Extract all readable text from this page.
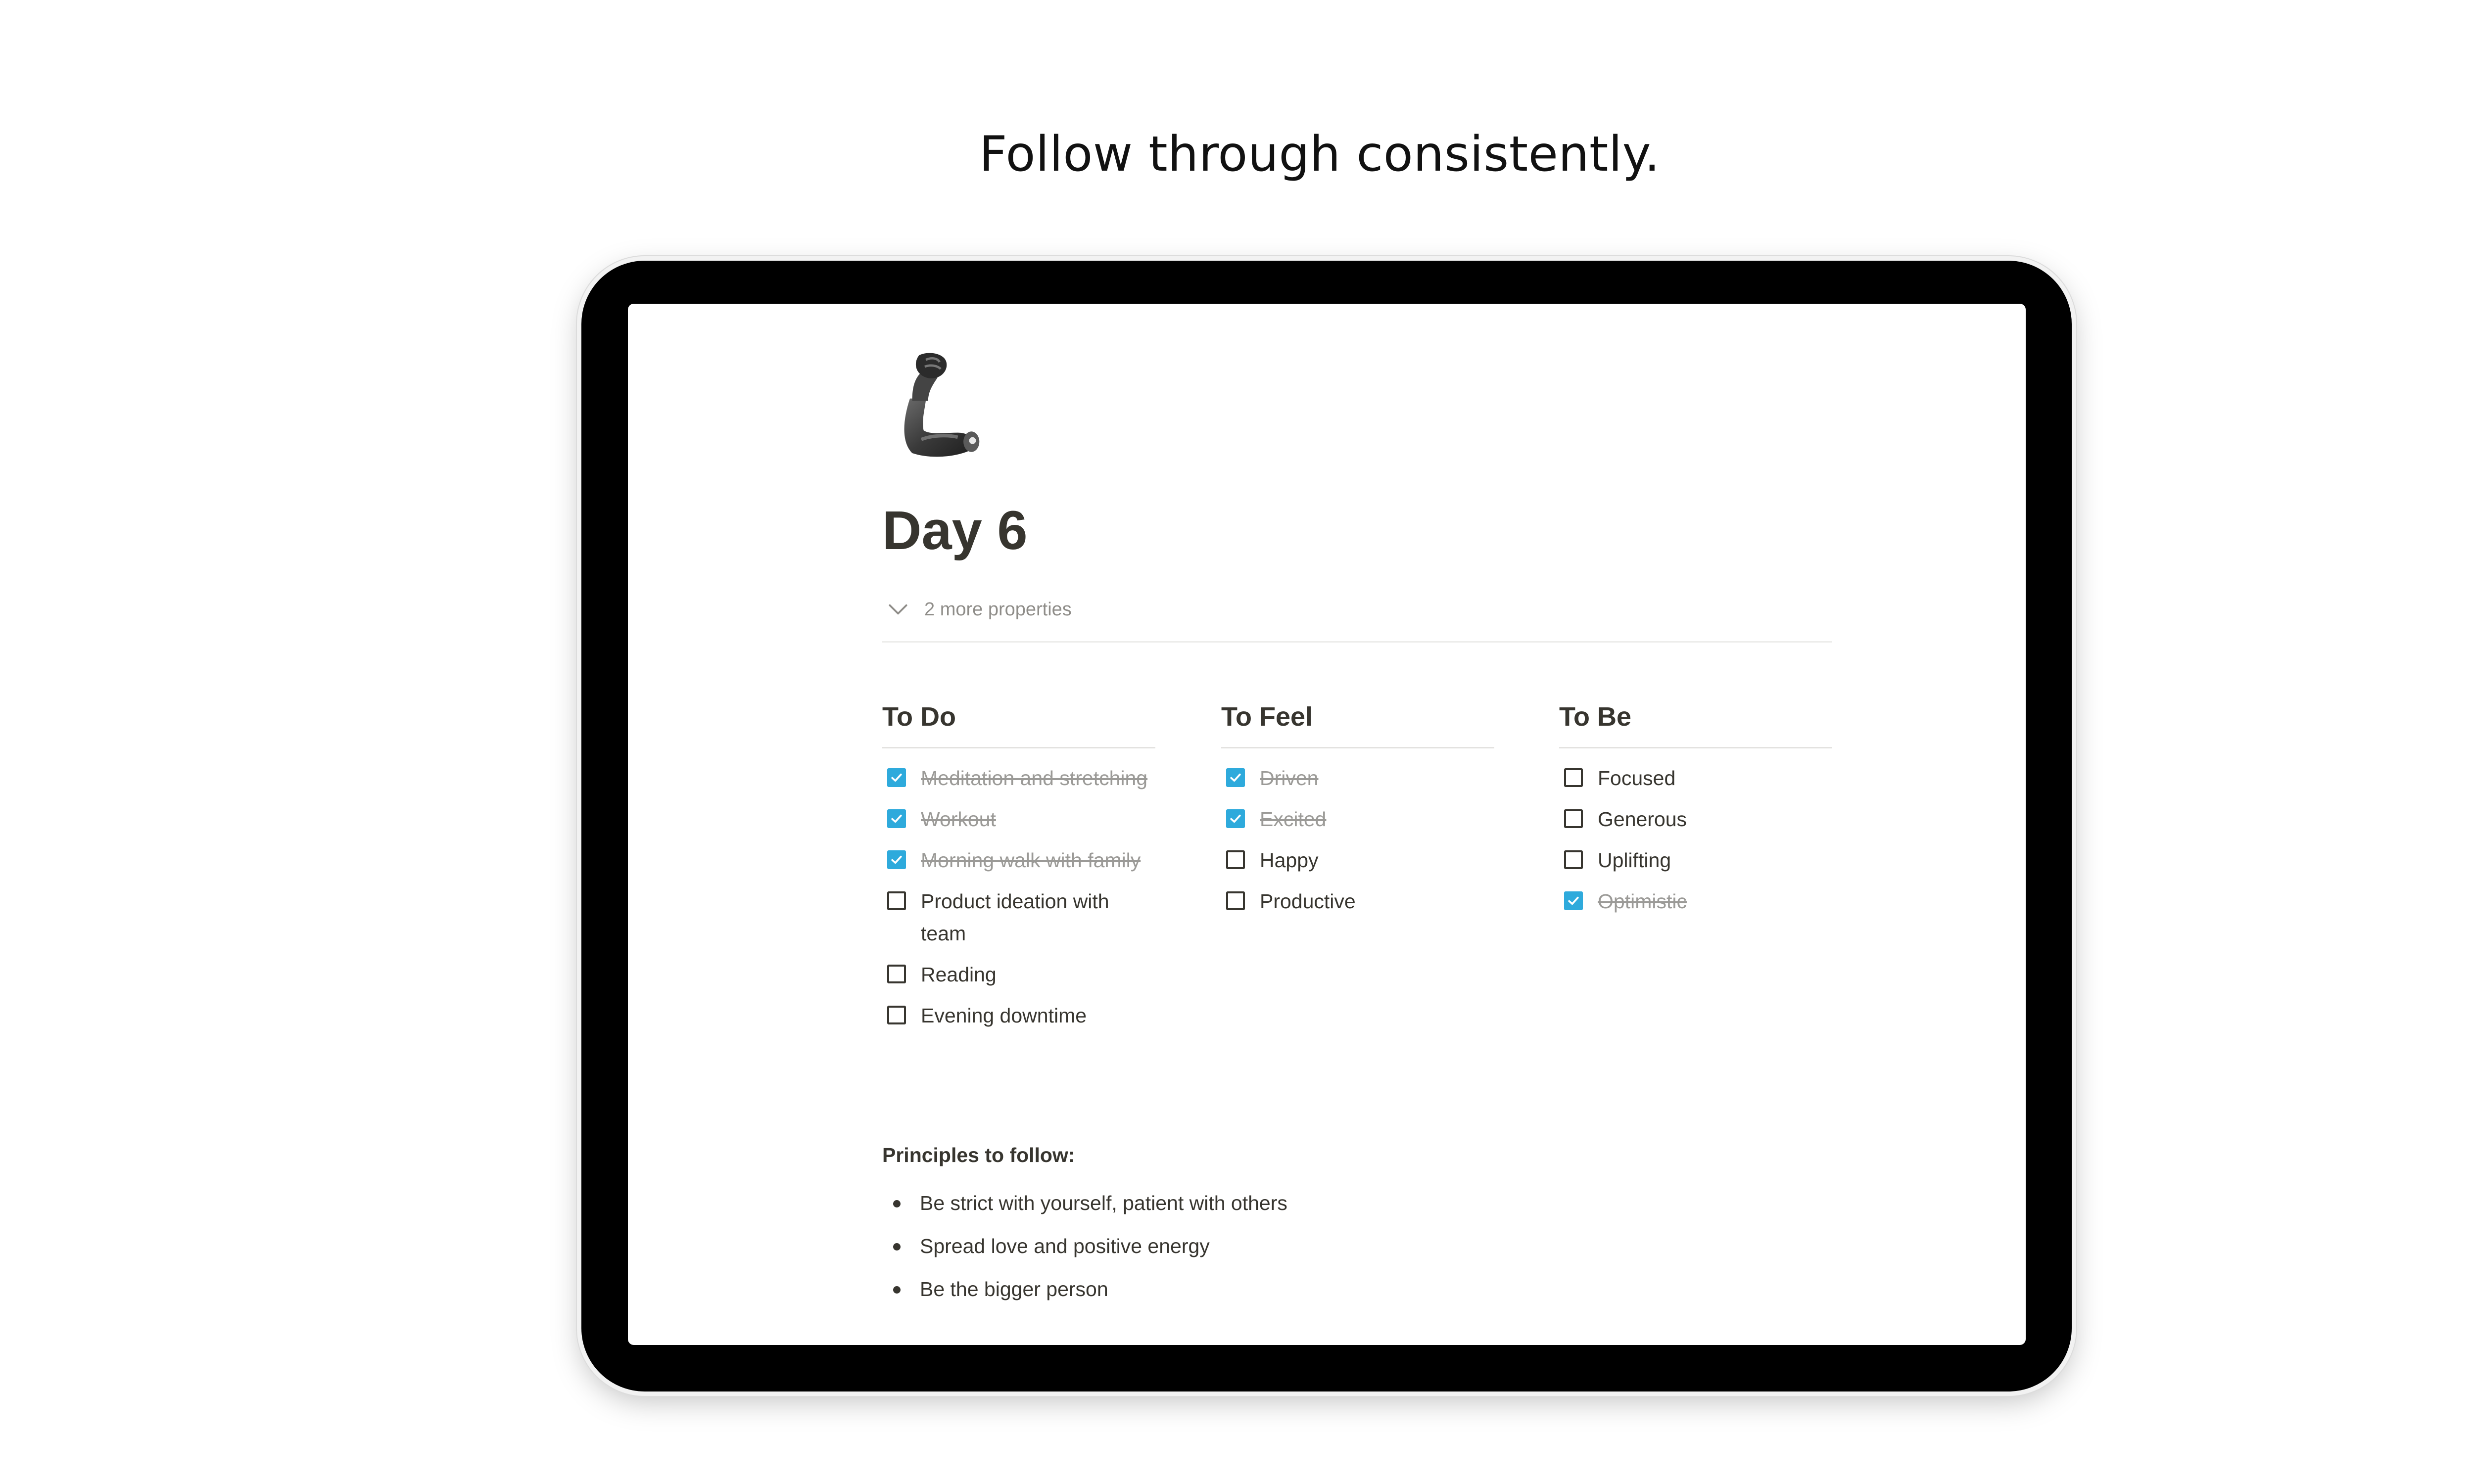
Follow through consistently.
Day 6
2 more properties
To Do
Meditation and stretching
Workout
Morning walk with family
Product ideation with team
Reading
Evening downtime
To Feel
Driven
Excited
Happy
Productive
To Be
Focused
Generous
Uplifting
Optimistic
Principles to follow:
Be strict with yourself, patient with others
Spread love and positive energy
Be the bigger person
